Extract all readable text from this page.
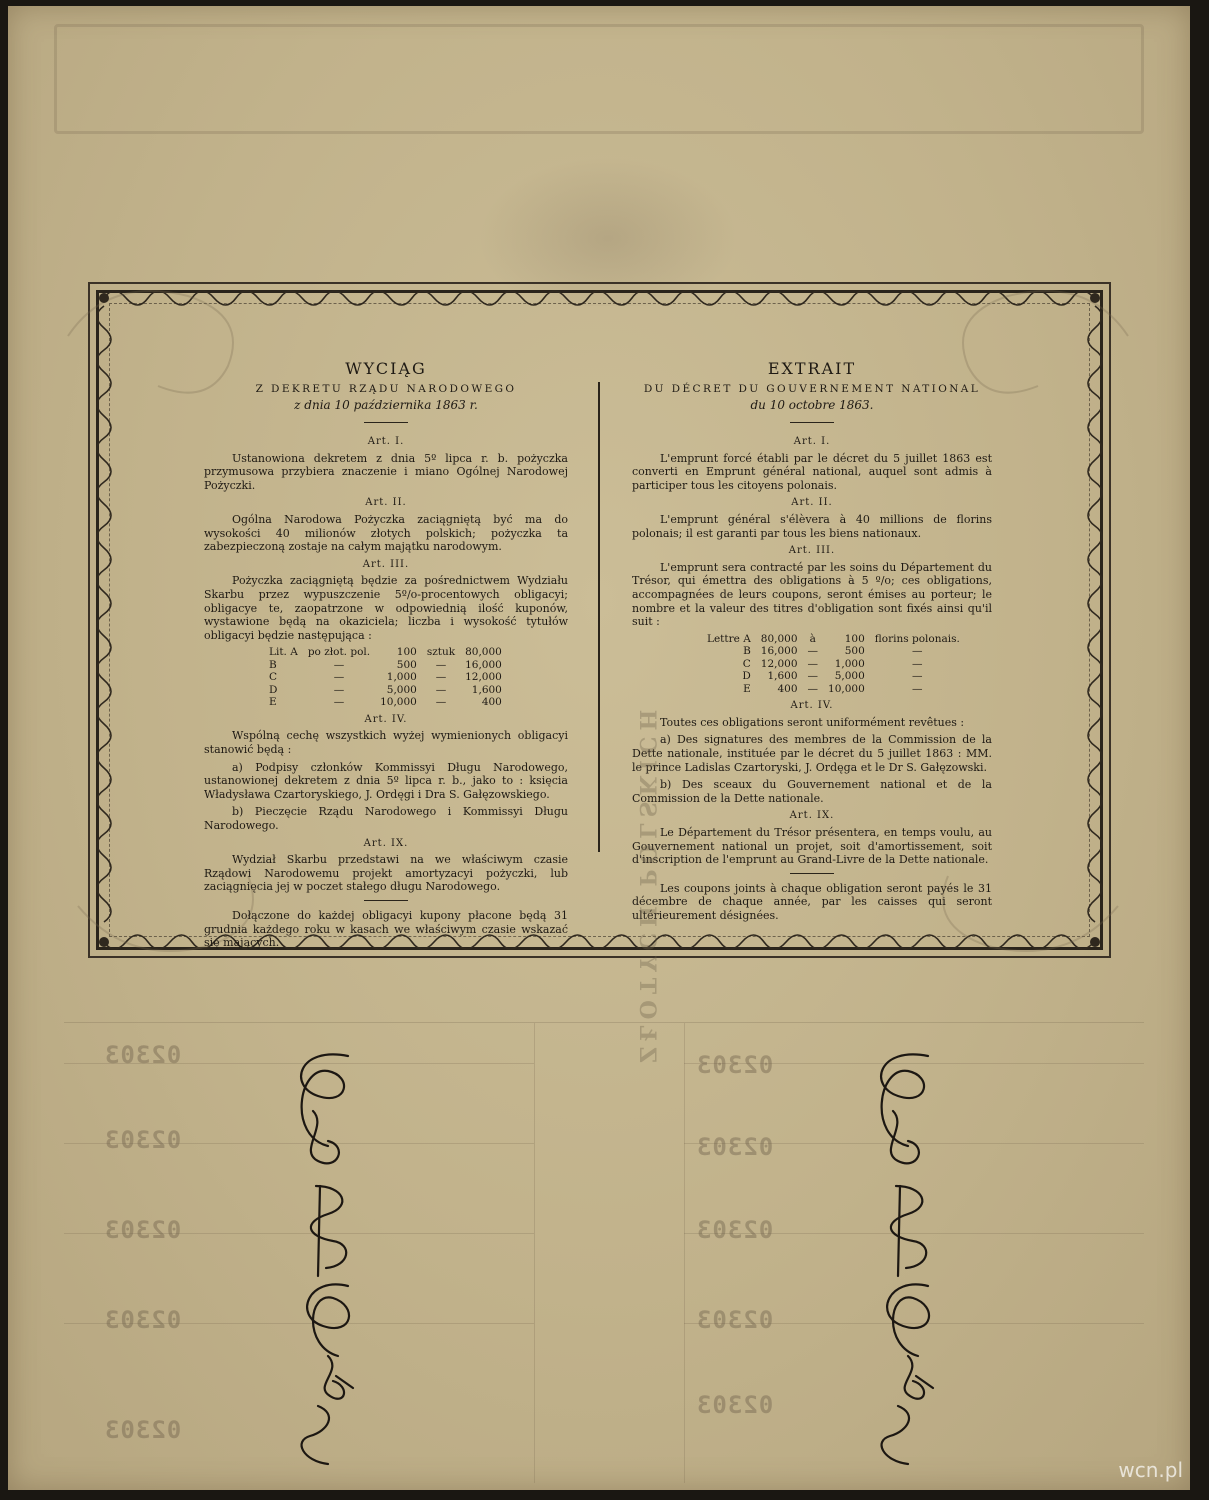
WYCIĄG
Z DEKRETU RZĄDU NARODOWEGO
z dnia 10 października 1863 r.
Art. I.
Ustanowiona dekretem z dnia 5º lipca r. b. pożyczka przymusowa przybiera znaczenie i miano Ogólnej Narodowej Pożyczki.
Art. II.
Ogólna Narodowa Pożyczka zaciągniętą być ma do wysokości 40 milionów złotych polskich; pożyczka ta zabezpieczoną zostaje na całym majątku narodowym.
Art. III.
Pożyczka zaciągniętą będzie za pośrednictwem Wydziału Skarbu przez wypuszczenie 5º/o-procentowych obligacyi; obligacye te, zaopatrzone w odpowiednią ilość kuponów, wystawione będą na okaziciela; liczba i wysokość tytułów obligacyi będzie następująca :
Lit. A	po złot. pol.	100	sztuk	80,000
B	—	500	—	16,000
C	—	1,000	—	12,000
D	—	5,000	—	1,600
E	—	10,000	—	400
Art. IV.
Wspólną cechę wszystkich wyżej wymienionych obligacyi stanowić będą :
a) Podpisy członków Kommissyi Długu Narodowego, ustanowionej dekretem z dnia 5º lipca r. b., jako to : księcia Władysława Czartoryskiego, J. Ordęgi i Dra S. Gałęzowskiego.
b) Pieczęcie Rządu Narodowego i Kommissyi Długu Narodowego.
Art. IX.
Wydział Skarbu przedstawi na we właściwym czasie Rządowi Narodowemu projekt amortyzacyi pożyczki, lub zaciągnięcia jej w poczet stałego długu Narodowego.
Dołączone do każdej obligacyi kupony płacone będą 31 grudnia każdego roku w kasach we właściwym czasie wskazać się mających.
EXTRAIT
DU DÉCRET DU GOUVERNEMENT NATIONAL
du 10 octobre 1863.
Art. I.
L'emprunt forcé établi par le décret du 5 juillet 1863 est converti en Emprunt général national, auquel sont admis à participer tous les citoyens polonais.
Art. II.
L'emprunt général s'élèvera à 40 millions de florins polonais; il est garanti par tous les biens nationaux.
Art. III.
L'emprunt sera contracté par les soins du Département du Trésor, qui émettra des obligations à 5 º/o; ces obligations, accompagnées de leurs coupons, seront émises au porteur; le nombre et la valeur des titres d'obligation sont fixés ainsi qu'il suit :
Lettre A	80,000	à	100	florins polonais.
B	16,000	—	500	—
C	12,000	—	1,000	—
D	1,600	—	5,000	—
E	400	—	10,000	—
Art. IV.
Toutes ces obligations seront uniformément revêtues :
a) Des signatures des membres de la Commission de la Dette nationale, instituée par le décret du 5 juillet 1863 : MM. le prince Ladislas Czartoryski, J. Ordęga et le Dr S. Gałęzowski.
b) Des sceaux du Gouvernement national et de la Commission de la Dette nationale.
Art. IX.
Le Département du Trésor présentera, en temps voulu, au Gouvernement national un projet, soit d'amortissement, soit d'inscription de l'emprunt au Grand-Livre de la Dette nationale.
Les coupons joints à chaque obligation seront payés le 31 décembre de chaque année, par les caisses qui seront ultérieurement désignées.
02303
02303
02303
02303
02303
02303
02303
02303
02303
02303
ZŁOTYCH POLSKICH
wcn.pl
